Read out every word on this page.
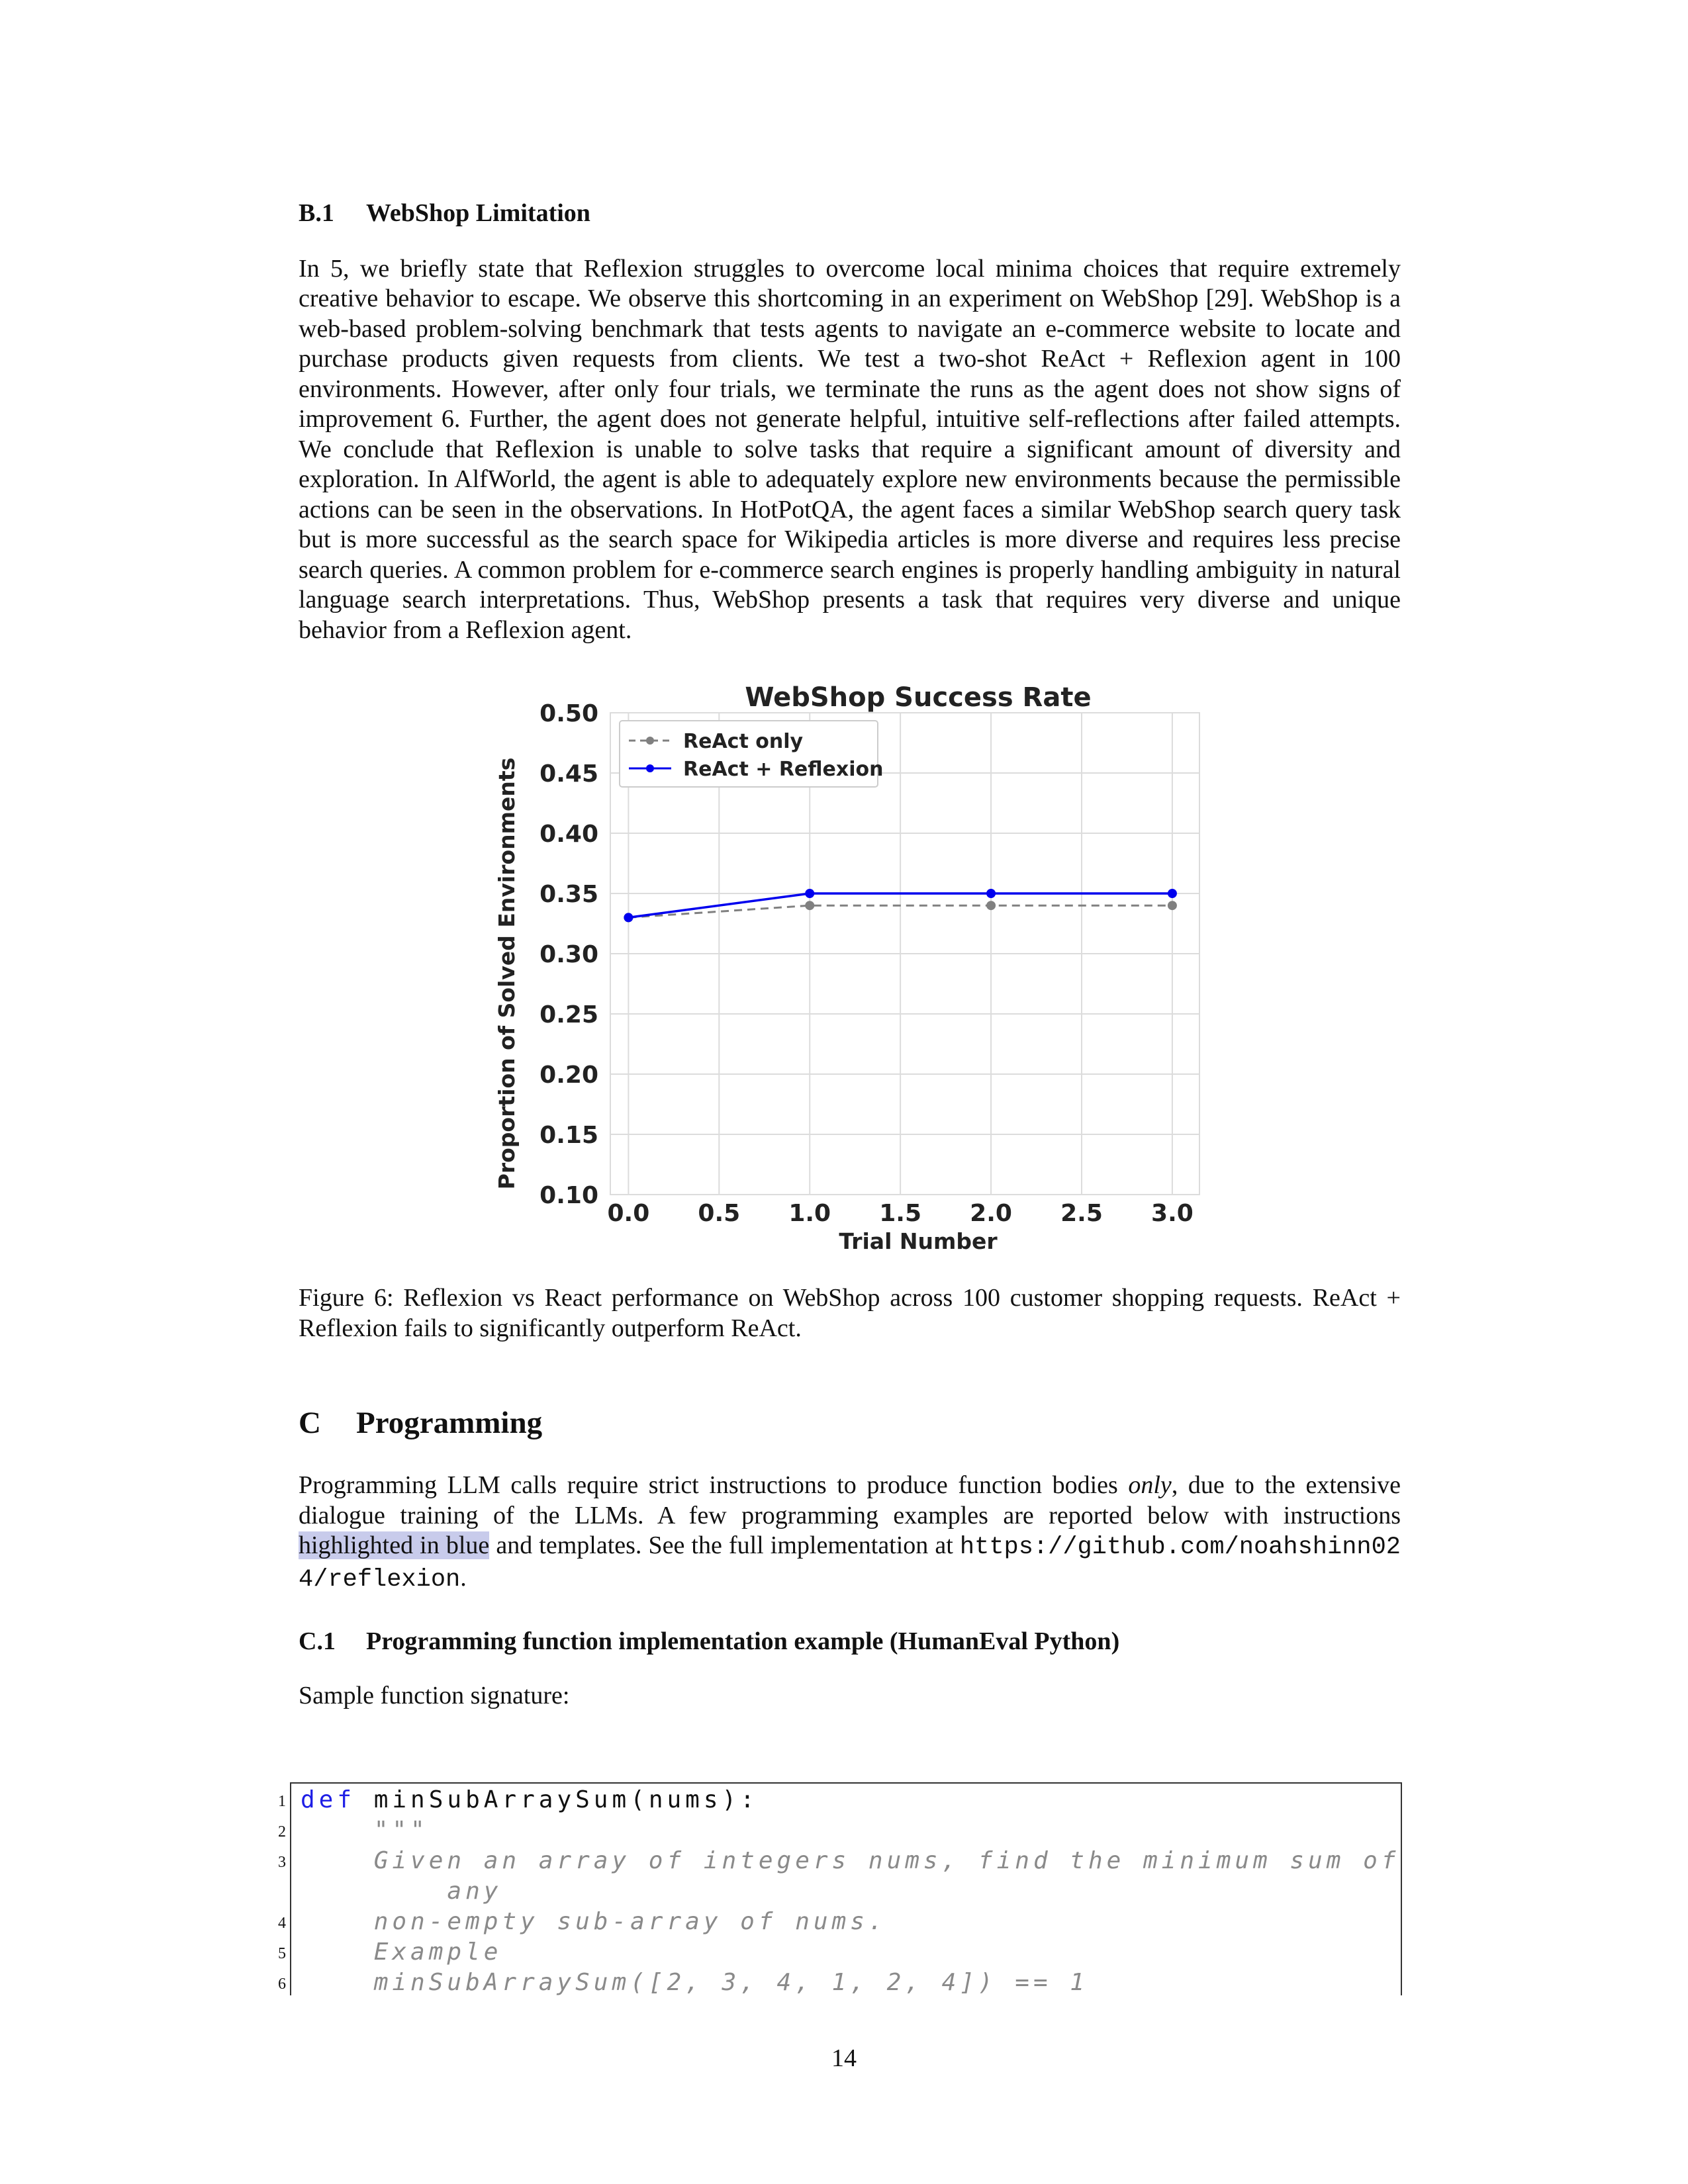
B.1 WebShop Limitation

In 5, we briefly state that Reflexion struggles to overcome local minima choices that require extremely creative behavior to escape. We observe this shortcoming in an experiment on WebShop [29]. WebShop is a web-based problem-solving benchmark that tests agents to navigate an e-commerce website to locate and purchase products given requests from clients. We test a two-shot ReAct + Reflexion agent in 100 environments. However, after only four trials, we terminate the runs as the agent does not show signs of improvement 6. Further, the agent does not generate helpful, intuitive self-reflections after failed attempts. We conclude that Reflexion is unable to solve tasks that require a significant amount of diversity and exploration. In AlfWorld, the agent is able to adequately explore new environments because the permissible actions can be seen in the observations. In HotPotQA, the agent faces a similar WebShop search query task but is more successful as the search space for Wikipedia articles is more diverse and requires less precise search queries. A common problem for e-commerce search engines is properly handling ambiguity in natural language search interpretations. Thus, WebShop presents a task that requires very diverse and unique behavior from a Reflexion agent.

0.0 0.5 1.0 1.5 2.0 2.5 3.0
0.10
0.15
0.20
0.25
0.30
0.35
0.40
0.45
0.50
WebShop Success Rate
Trial Number
Proportion of Solved Environments
ReAct only
ReAct + Reflexion

Figure 6: Reflexion vs React performance on WebShop across 100 customer shopping requests. ReAct + Reflexion fails to significantly outperform ReAct.

C Programming

Programming LLM calls require strict instructions to produce function bodies only, due to the extensive dialogue training of the LLMs. A few programming examples are reported below with instructions highlighted in blue and templates. See the full implementation at https://github.com/noahshinn024/reflexion.

C.1 Programming function implementation example (HumanEval Python)

Sample function signature:

1
2
3
4
5
6
def minSubArraySum(nums):
"""
Given an array of integers nums, find the minimum sum of
any
non-empty sub-array of nums.
Example
minSubArraySum([2, 3, 4, 1, 2, 4]) == 1
14
